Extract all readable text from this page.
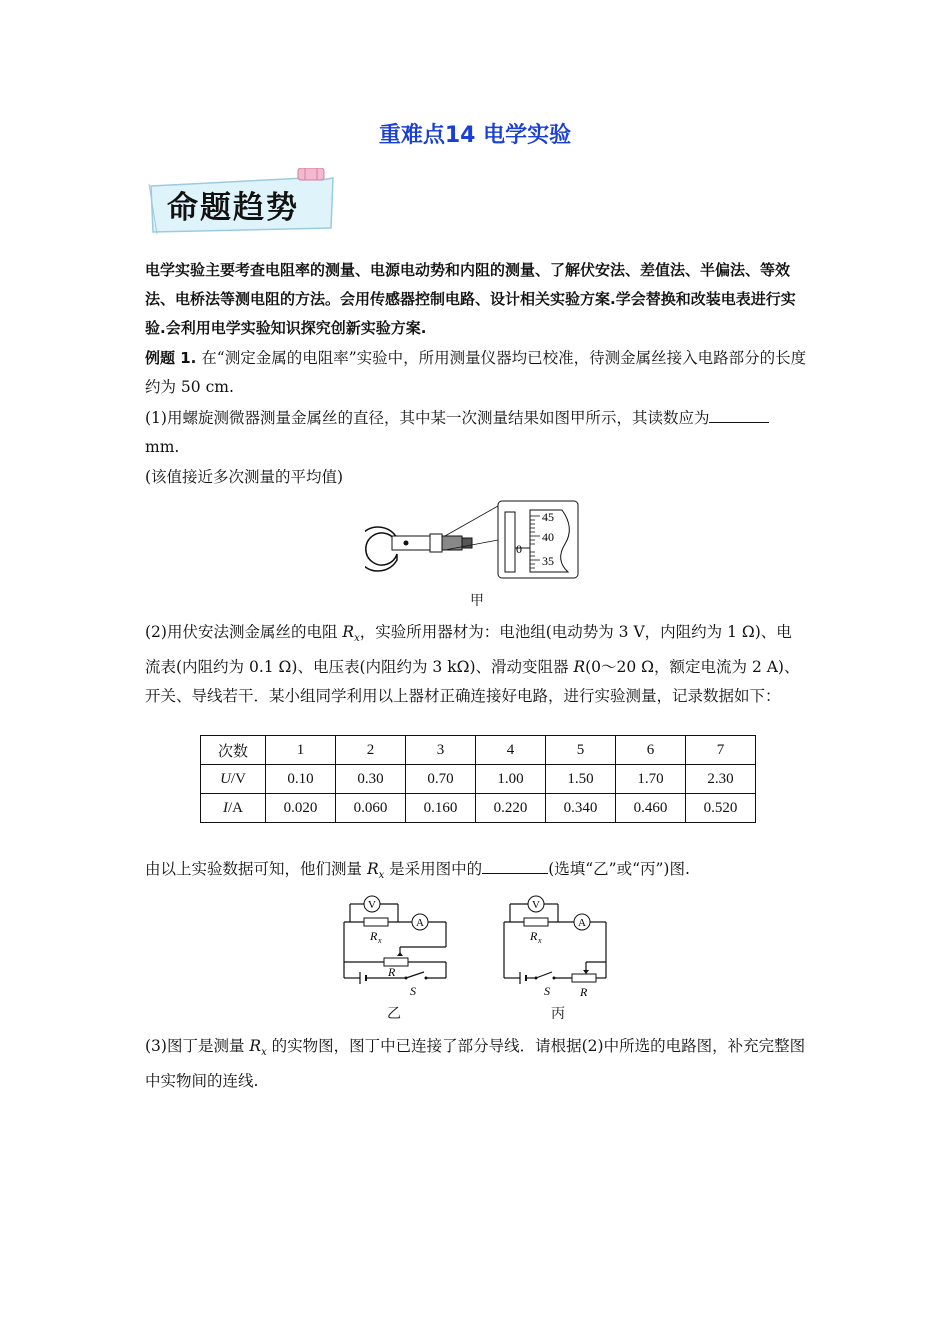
重难点14 电学实验
命题趋势
电学实验主要考查电阻率的测量、电源电动势和内阻的测量、了解伏安法、差值法、半偏法、等效法、电桥法等测电阻的方法。会用传感器控制电路、设计相关实验方案.学会替换和改装电表进行实验.会利用电学实验知识探究创新实验方案.
例题 1. 在“测定金属的电阻率”实验中，所用测量仪器均已校准，待测金属丝接入电路部分的长度约为 50 cm.
(1)用螺旋测微器测量金属丝的直径，其中某一次测量结果如图甲所示，其读数应为
mm.
(该值接近多次测量的平均值)
45
40
35
0
甲
(2)用伏安法测金属丝的电阻 $R_x$，实验所用器材为：电池组(电动势为 3 V，内阻约为 1 Ω)、电流表(内阻约为 0.1 Ω)、电压表(内阻约为 3 kΩ)、滑动变阻器 R(0～20 Ω，额定电流为 2 A)、开关、导线若干．某小组同学利用以上器材正确连接好电路，进行实验测量，记录数据如下：
次数	1	2	3	4	5	6	7
U/V	0.10	0.30	0.70	1.00	1.50	1.70	2.30
I/A	0.020	0.060	0.160	0.220	0.340	0.460	0.520
由以上实验数据可知，他们测量 $R_x$ 是采用图中的	(选填“乙”或“丙”)图.
V
R x
A
R
S
乙
V
R x
A
R
S
丙
(3)图丁是测量 $R_x$ 的实物图，图丁中已连接了部分导线．请根据(2)中所选的电路图，补充完整图中实物间的连线.
